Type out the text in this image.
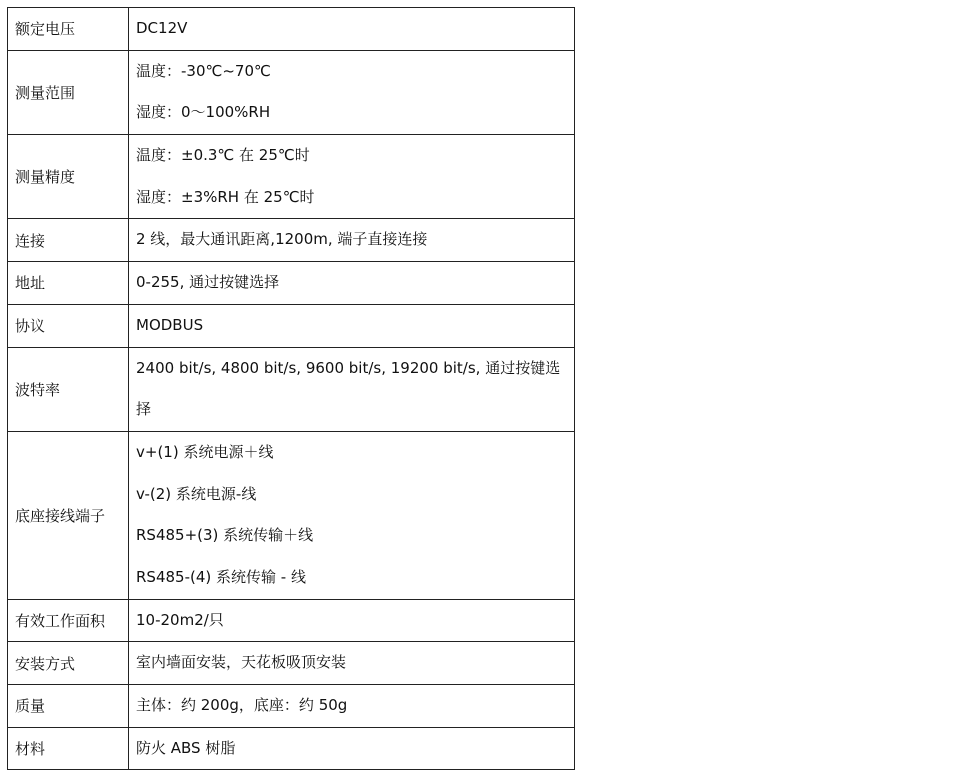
额定电压	DC12V

测量范围	温度：-30℃~70℃
湿度：0～100%RH

测量精度	温度：±0.3℃ 在 25℃时
湿度：±3%RH 在 25℃时

连接	2 线，最大通讯距离,1200m, 端子直接连接

地址	0-255, 通过按键选择

协议	MODBUS

波特率	2400 bit/s, 4800 bit/s, 9600 bit/s, 19200 bit/s, 通过按键选择

底座接线端子	v+(1) 系统电源＋线
v-(2) 系统电源-线
RS485+(3) 系统传输＋线
RS485-(4) 系统传输 - 线

有效工作面积	10-20m2/只

安装方式	室内墙面安装，天花板吸顶安装

质量	主体：约 200g，底座：约 50g

材料	防火 ABS 树脂
